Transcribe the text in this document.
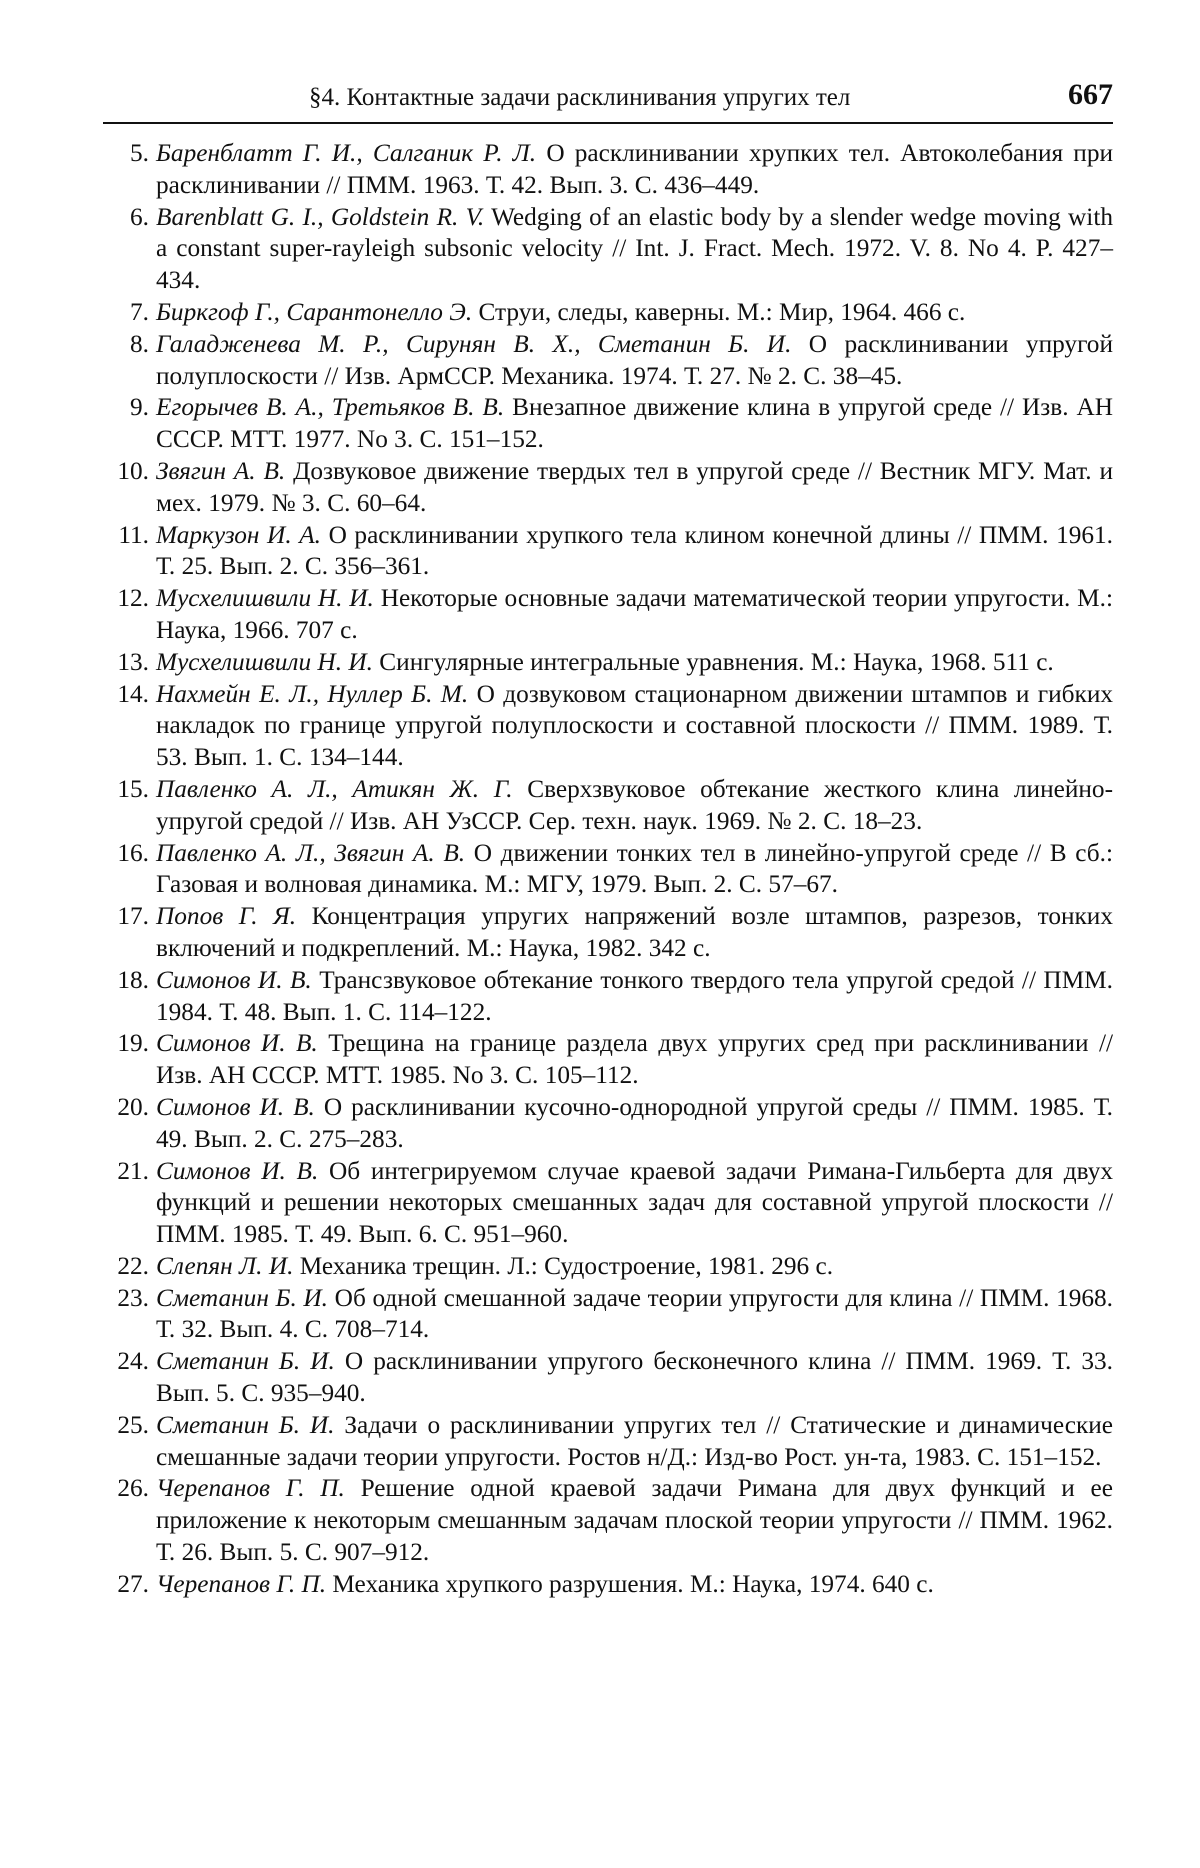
§4. Контактные задачи расклинивания упругих тел	667
5. Баренблатт Г. И., Салганик Р. Л. О расклинивании хрупких тел. Автоколебания при расклинивании // ПММ. 1963. Т. 42. Вып. 3. С. 436–449.
6. Barenblatt G. I., Goldstein R. V. Wedging of an elastic body by a slender wedge moving with a constant super-rayleigh subsonic velocity // Int. J. Fract. Mech. 1972. V. 8. No 4. P. 427–434.
7. Биркгоф Г., Сарантонелло Э. Струи, следы, каверны. М.: Мир, 1964. 466 с.
8. Галадженева М. Р., Сирунян В. Х., Сметанин Б. И. О расклинивании упругой полуплоскости // Изв. АрмССР. Механика. 1974. Т. 27. № 2. С. 38–45.
9. Егорычев В. А., Третьяков В. В. Внезапное движение клина в упругой среде // Изв. АН СССР. МТТ. 1977. No 3. С. 151–152.
10. Звягин А. В. Дозвуковое движение твердых тел в упругой среде // Вестник МГУ. Мат. и мех. 1979. № 3. С. 60–64.
11. Маркузон И. А. О расклинивании хрупкого тела клином конечной длины // ПММ. 1961. Т. 25. Вып. 2. С. 356–361.
12. Мусхелишвили Н. И. Некоторые основные задачи математической теории упругости. М.: Наука, 1966. 707 с.
13. Мусхелишвили Н. И. Сингулярные интегральные уравнения. М.: Наука, 1968. 511 с.
14. Нахмейн Е. Л., Нуллер Б. М. О дозвуковом стационарном движении штампов и гибких накладок по границе упругой полуплоскости и составной плоскости // ПММ. 1989. Т. 53. Вып. 1. С. 134–144.
15. Павленко А. Л., Атикян Ж. Г. Сверхзвуковое обтекание жесткого клина линейно-упругой средой // Изв. АН УзССР. Сер. техн. наук. 1969. № 2. С. 18–23.
16. Павленко А. Л., Звягин А. В. О движении тонких тел в линейно-упругой среде // В сб.: Газовая и волновая динамика. М.: МГУ, 1979. Вып. 2. С. 57–67.
17. Попов Г. Я. Концентрация упругих напряжений возле штампов, разрезов, тонких включений и подкреплений. М.: Наука, 1982. 342 с.
18. Симонов И. В. Трансзвуковое обтекание тонкого твердого тела упругой средой // ПММ. 1984. Т. 48. Вып. 1. С. 114–122.
19. Симонов И. В. Трещина на границе раздела двух упругих сред при расклинивании // Изв. АН СССР. МТТ. 1985. No 3. С. 105–112.
20. Симонов И. В. О расклинивании кусочно-однородной упругой среды // ПММ. 1985. Т. 49. Вып. 2. С. 275–283.
21. Симонов И. В. Об интегрируемом случае краевой задачи Римана-Гильберта для двух функций и решении некоторых смешанных задач для составной упругой плоскости // ПММ. 1985. Т. 49. Вып. 6. С. 951–960.
22. Слепян Л. И. Механика трещин. Л.: Судостроение, 1981. 296 с.
23. Сметанин Б. И. Об одной смешанной задаче теории упругости для клина // ПММ. 1968. Т. 32. Вып. 4. С. 708–714.
24. Сметанин Б. И. О расклинивании упругого бесконечного клина // ПММ. 1969. Т. 33. Вып. 5. С. 935–940.
25. Сметанин Б. И. Задачи о расклинивании упругих тел // Статические и динамические смешанные задачи теории упругости. Ростов н/Д.: Изд-во Рост. ун-та, 1983. С. 151–152.
26. Черепанов Г. П. Решение одной краевой задачи Римана для двух функций и ее приложение к некоторым смешанным задачам плоской теории упругости // ПММ. 1962. Т. 26. Вып. 5. С. 907–912.
27. Черепанов Г. П. Механика хрупкого разрушения. М.: Наука, 1974. 640 с.
